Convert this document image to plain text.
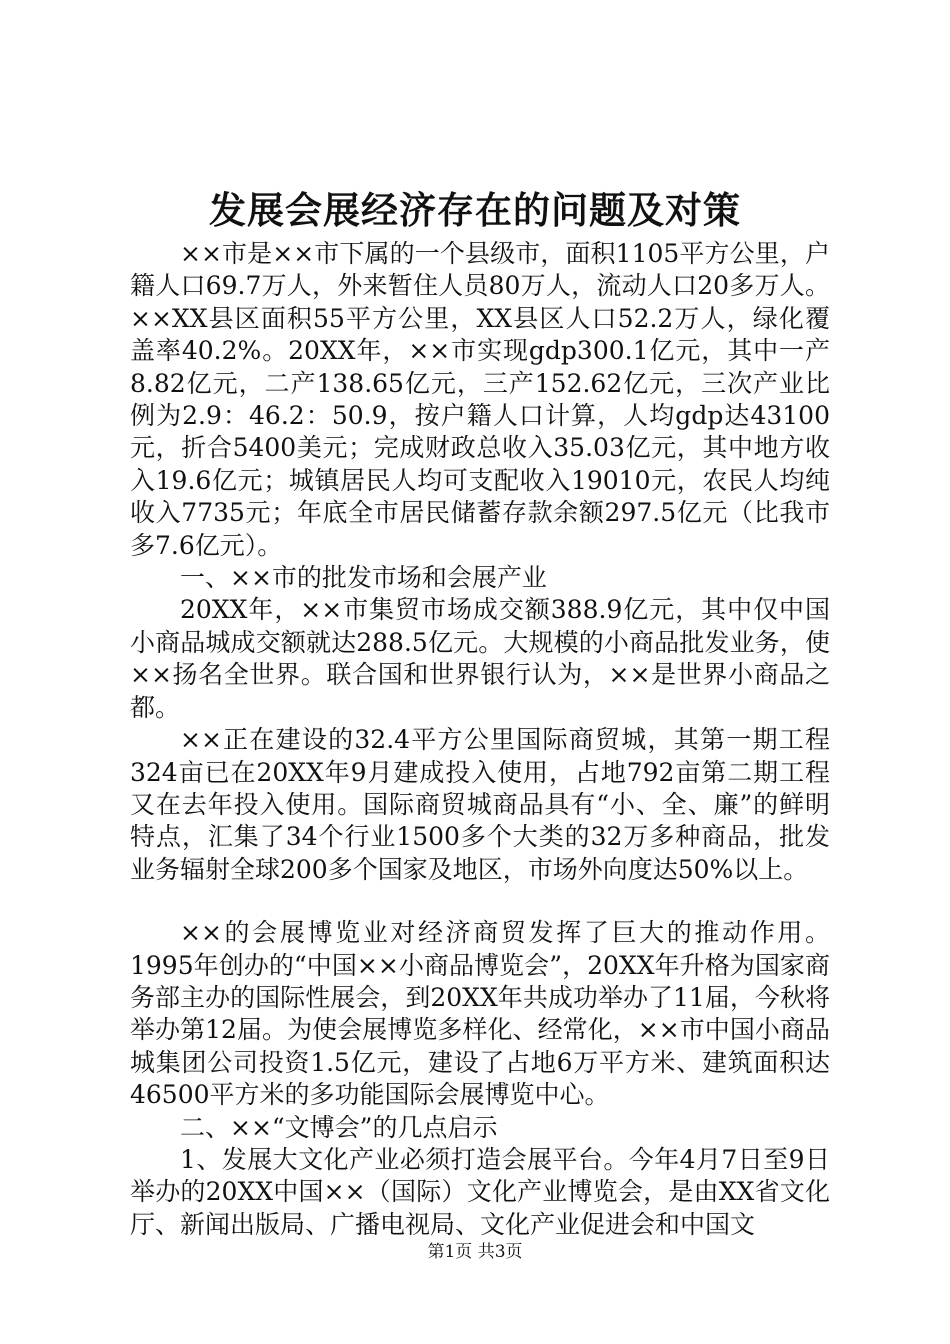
发展会展经济存在的问题及对策

××市是××市下属的一个县级市，面积1105平方公里，户籍人口69.7万人，外来暂住人员80万人，流动人口20多万人。××XX县区面积55平方公里，XX县区人口52.2万人，绿化覆盖率40.2%。20XX年，××市实现gdp300.1亿元，其中一产8.82亿元，二产138.65亿元，三产152.62亿元，三次产业比例为2.9：46.2：50.9，按户籍人口计算，人均gdp达43100元，折合5400美元；完成财政总收入35.03亿元，其中地方收入19.6亿元；城镇居民人均可支配收入19010元，农民人均纯收入7735元；年底全市居民储蓄存款余额297.5亿元（比我市多7.6亿元）。

一、××市的批发市场和会展产业

20XX年，××市集贸市场成交额388.9亿元，其中仅中国小商品城成交额就达288.5亿元。大规模的小商品批发业务，使××扬名全世界。联合国和世界银行认为，××是世界小商品之都。

××正在建设的32.4平方公里国际商贸城，其第一期工程324亩已在20XX年9月建成投入使用，占地792亩第二期工程又在去年投入使用。国际商贸城商品具有“小、全、廉”的鲜明特点，汇集了34个行业1500多个大类的32万多种商品，批发业务辐射全球200多个国家及地区，市场外向度达50%以上。

××的会展博览业对经济商贸发挥了巨大的推动作用。1995年创办的“中国××小商品博览会”，20XX年升格为国家商务部主办的国际性展会，到20XX年共成功举办了11届，今秋将举办第12届。为使会展博览多样化、经常化，××市中国小商品城集团公司投资1.5亿元，建设了占地6万平方米、建筑面积达46500平方米的多功能国际会展博览中心。

二、××“文博会”的几点启示

1、发展大文化产业必须打造会展平台。今年4月7日至9日举办的20XX中国××（国际）文化产业博览会，是由XX省文化厅、新闻出版局、广播电视局、文化产业促进会和中国文

第1页 共3页
